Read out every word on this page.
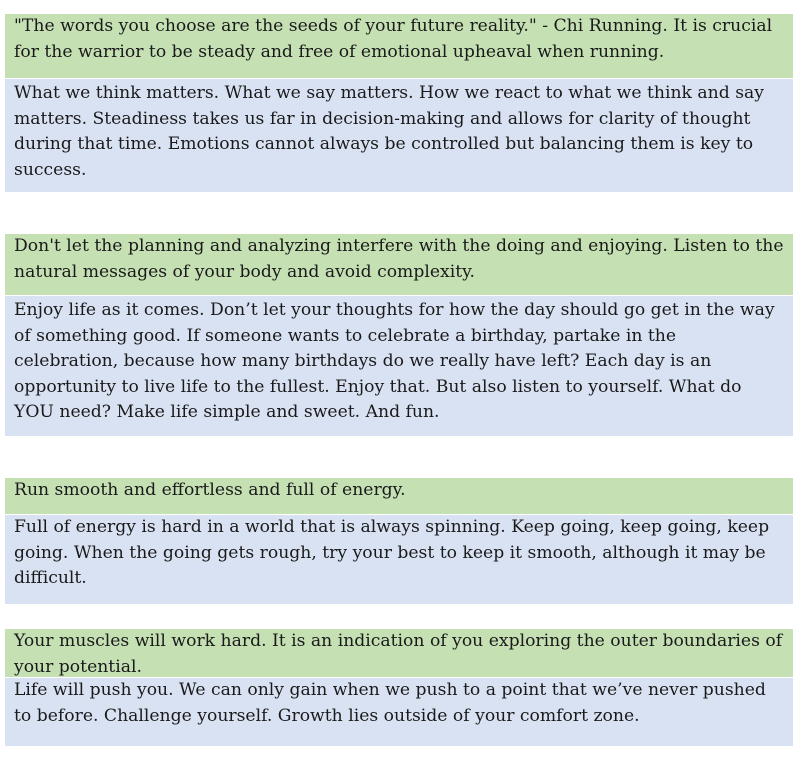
"The words you choose are the seeds of your future reality." - Chi Running. It is crucial for the warrior to be steady and free of emotional upheaval when running.

What we think matters. What we say matters. How we react to what we think and say matters. Steadiness takes us far in decision-making and allows for clarity of thought during that time. Emotions cannot always be controlled but balancing them is key to success.

Don't let the planning and analyzing interfere with the doing and enjoying. Listen to the natural messages of your body and avoid complexity.

Enjoy life as it comes. Don’t let your thoughts for how the day should go get in the way of something good. If someone wants to celebrate a birthday, partake in the celebration, because how many birthdays do we really have left? Each day is an opportunity to live life to the fullest. Enjoy that. But also listen to yourself. What do YOU need? Make life simple and sweet. And fun.

Run smooth and effortless and full of energy.

Full of energy is hard in a world that is always spinning. Keep going, keep going, keep going. When the going gets rough, try your best to keep it smooth, although it may be difficult.

Your muscles will work hard. It is an indication of you exploring the outer boundaries of your potential.

Life will push you. We can only gain when we push to a point that we’ve never pushed to before. Challenge yourself. Growth lies outside of your comfort zone.
